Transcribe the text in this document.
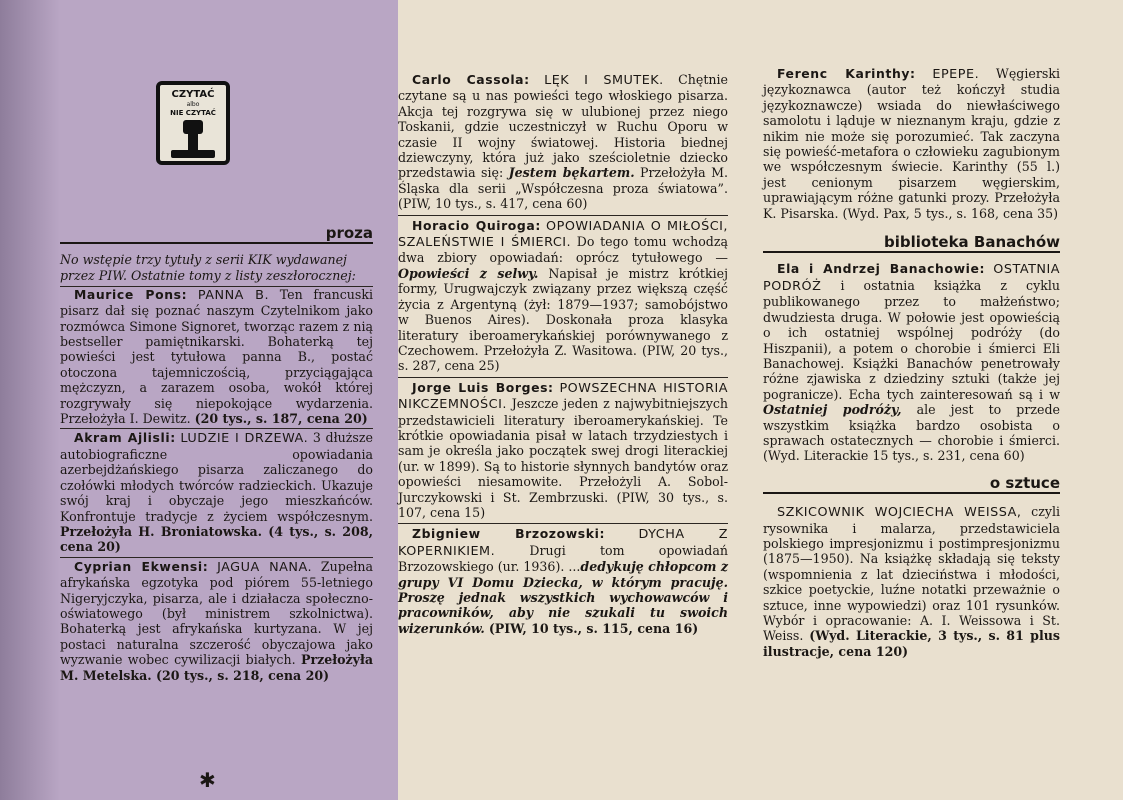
CZYTAĆ
albo
NIE CZYTAĆ

proza

No wstępie trzy tytuły z serii KIK wydawanej przez PIW. Ostatnie tomy z listy zeszłorocznej:

Maurice Pons: PANNA B. Ten francuski pisarz dał się poznać naszym Czytelnikom jako rozmówca Simone Signoret, tworząc razem z nią bestseller pamiętnikarski. Bohaterką tej powieści jest tytułowa panna B., postać otoczona tajemniczością, przyciągająca mężczyzn, a zarazem osoba, wokół której rozgrywały się niepokojące wydarzenia. Przełożyła I. Dewitz. (20 tys., s. 187, cena 20)

Akram Ajlisli: LUDZIE I DRZEWA. 3 dłuższe autobiograficzne opowiadania azerbejdżańskiego pisarza zaliczanego do czołówki młodych twórców radzieckich. Ukazuje swój kraj i obyczaje jego mieszkańców. Konfrontuje tradycje z życiem współczesnym. Przełożyła H. Broniatowska. (4 tys., s. 208, cena 20)

Cyprian Ekwensi: JAGUA NANA. Zupełna afrykańska egzotyka pod piórem 55-letniego Nigeryjczyka, pisarza, ale i działacza społeczno-oświatowego (był ministrem szkolnictwa). Bohaterką jest afrykańska kurtyzana. W jej postaci naturalna szczerość obyczajowa jako wyzwanie wobec cywilizacji białych. Przełożyła M. Metelska. (20 tys., s. 218, cena 20)

✱

Carlo Cassola: LĘK I SMUTEK. Chętnie czytane są u nas powieści tego włoskiego pisarza. Akcja tej rozgrywa się w ulubionej przez niego Toskanii, gdzie uczestniczył w Ruchu Oporu w czasie II wojny światowej. Historia biednej dziewczyny, która już jako sześcioletnie dziecko przedstawia się: Jestem bękartem. Przełożyła M. Śląska dla serii „Współczesna proza światowa”. (PIW, 10 tys., s. 417, cena 60)

Horacio Quiroga: OPOWIADANIA O MIŁOŚCI, SZALEŃSTWIE I ŚMIERCI. Do tego tomu wchodzą dwa zbiory opowiadań: oprócz tytułowego — Opowieści z selwy. Napisał je mistrz krótkiej formy, Urugwajczyk związany przez większą część życia z Argentyną (żył: 1879—1937; samobójstwo w Buenos Aires). Doskonała proza klasyka literatury iberoamerykańskiej porównywanego z Czechowem. Przełożyła Z. Wasitowa. (PIW, 20 tys., s. 287, cena 25)

Jorge Luis Borges: POWSZECHNA HISTORIA NIKCZEMNOŚCI. Jeszcze jeden z najwybitniejszych przedstawicieli literatury iberoamerykańskiej. Te krótkie opowiadania pisał w latach trzydziestych i sam je określa jako początek swej drogi literackiej (ur. w 1899). Są to historie słynnych bandytów oraz opowieści niesamowite. Przełożyli A. Sobol-Jurczykowski i St. Zembrzuski. (PIW, 30 tys., s. 107, cena 15)

Zbigniew Brzozowski:	DYCHA Z KOPERNIKIEM.	Drugi tom opowiadań Brzozowskiego (ur. 1936). ...dedykuję chłopcom z grupy VI Domu Dziecka, w którym pracuję. Proszę jednak wszystkich wychowawców i pracowników, aby nie szukali tu swoich wizerunków. (PIW, 10 tys., s. 115, cena 16)

Ferenc Karinthy: EPEPE. Węgierski językoznawca (autor też kończył studia językoznawcze) wsiada do niewłaściwego samolotu i ląduje w nieznanym kraju, gdzie z nikim nie może się porozumieć. Tak zaczyna się powieść-metafora o człowieku zagubionym we współczesnym świecie. Karinthy (55 l.) jest cenionym pisarzem węgierskim, uprawiającym różne gatunki prozy. Przełożyła K. Pisarska. (Wyd. Pax, 5 tys., s. 168, cena 35)

biblioteka Banachów

Ela i Andrzej Banachowie: OSTATNIA PODRÓŻ i ostatnia książka z cyklu publikowanego przez to małżeństwo; dwudziesta druga. W połowie jest opowieścią o ich ostatniej wspólnej podróży (do Hiszpanii), a potem o chorobie i śmierci Eli Banachowej. Książki Banachów penetrowały różne zjawiska z dziedziny sztuki (także jej pogranicze). Echa tych zainteresowań są i w Ostatniej podróży, ale jest to przede wszystkim książka bardzo osobista o sprawach ostatecznych — chorobie i śmierci. (Wyd. Literackie 15 tys., s. 231, cena 60)

o sztuce

SZKICOWNIK WOJCIECHA WEISSA, czyli rysownika i malarza, przedstawiciela polskiego impresjonizmu i postimpresjonizmu (1875—1950). Na książkę składają się teksty (wspomnienia z lat dzieciństwa i młodości, szkice poetyckie, luźne notatki przeważnie o sztuce, inne wypowiedzi) oraz 101 rysunków. Wybór i opracowanie: A. I. Weissowa i St. Weiss. (Wyd. Literackie, 3 tys., s. 81 plus ilustracje, cena 120)
